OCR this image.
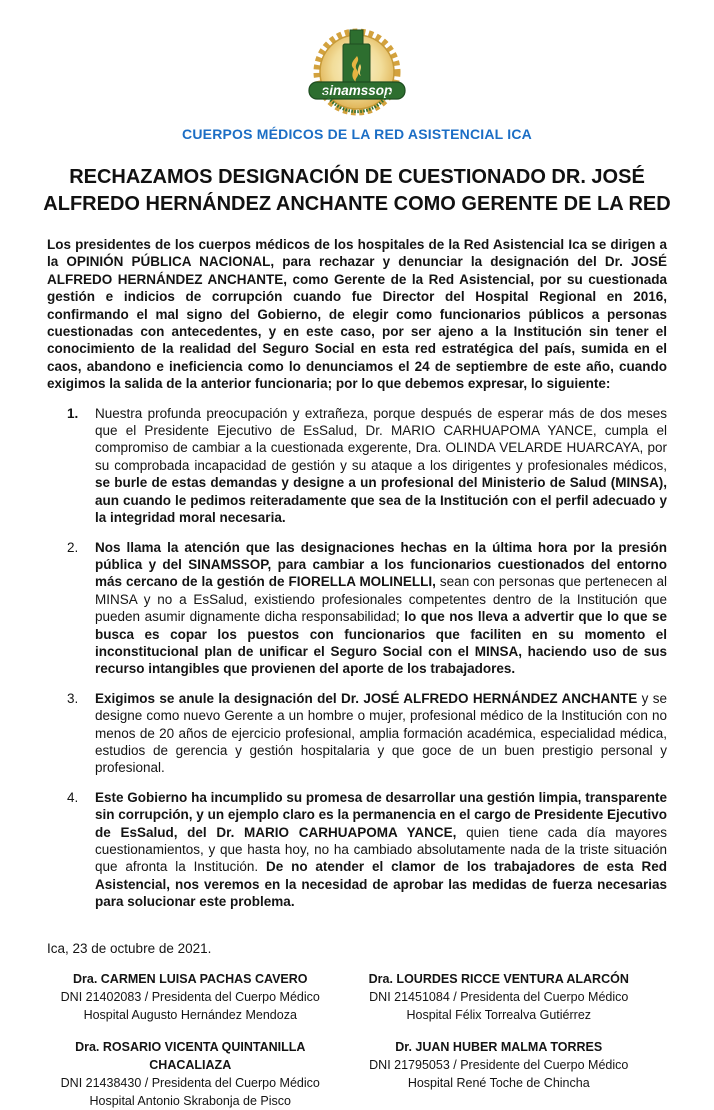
sinamssop
CUERPOS MÉDICOS DE LA RED ASISTENCIAL ICA
RECHAZAMOS DESIGNACIÓN DE CUESTIONADO DR. JOSÉ ALFREDO HERNÁNDEZ ANCHANTE COMO GERENTE DE LA RED

Los presidentes de los cuerpos médicos de los hospitales de la Red Asistencial Ica se dirigen a la OPINIÓN PÚBLICA NACIONAL, para rechazar y denunciar la designación del Dr. JOSÉ ALFREDO HERNÁNDEZ ANCHANTE, como Gerente de la Red Asistencial, por su cuestionada gestión e indicios de corrupción cuando fue Director del Hospital Regional en 2016, confirmando el mal signo del Gobierno, de elegir como funcionarios públicos a personas cuestionadas con antecedentes, y en este caso, por ser ajeno a la Institución sin tener el conocimiento de la realidad del Seguro Social en esta red estratégica del país, sumida en el caos, abandono e ineficiencia como lo denunciamos el 24 de septiembre de este año, cuando exigimos la salida de la anterior funcionaria; por lo que debemos expresar, lo siguiente:

1. Nuestra profunda preocupación y extrañeza, porque después de esperar más de dos meses que el Presidente Ejecutivo de EsSalud, Dr. MARIO CARHUAPOMA YANCE, cumpla el compromiso de cambiar a la cuestionada exgerente, Dra. OLINDA VELARDE HUARCAYA, por su comprobada incapacidad de gestión y su ataque a los dirigentes y profesionales médicos, se burle de estas demandas y designe a un profesional del Ministerio de Salud (MINSA), aun cuando le pedimos reiteradamente que sea de la Institución con el perfil adecuado y la integridad moral necesaria.

2. Nos llama la atención que las designaciones hechas en la última hora por la presión pública y del SINAMSSOP, para cambiar a los funcionarios cuestionados del entorno más cercano de la gestión de FIORELLA MOLINELLI, sean con personas que pertenecen al MINSA y no a EsSalud, existiendo profesionales competentes dentro de la Institución que pueden asumir dignamente dicha responsabilidad; lo que nos lleva a advertir que lo que se busca es copar los puestos con funcionarios que faciliten en su momento el inconstitucional plan de unificar el Seguro Social con el MINSA, haciendo uso de sus recurso intangibles que provienen del aporte de los trabajadores.

3. Exigimos se anule la designación del Dr. JOSÉ ALFREDO HERNÁNDEZ ANCHANTE y se designe como nuevo Gerente a un hombre o mujer, profesional médico de la Institución con no menos de 20 años de ejercicio profesional, amplia formación académica, especialidad médica, estudios de gerencia y gestión hospitalaria y que goce de un buen prestigio personal y profesional.

4. Este Gobierno ha incumplido su promesa de desarrollar una gestión limpia, transparente sin corrupción, y un ejemplo claro es la permanencia en el cargo de Presidente Ejecutivo de EsSalud, del Dr. MARIO CARHUAPOMA YANCE, quien tiene cada día mayores cuestionamientos, y que hasta hoy, no ha cambiado absolutamente nada de la triste situación que afronta la Institución. De no atender el clamor de los trabajadores de esta Red Asistencial, nos veremos en la necesidad de aprobar las medidas de fuerza necesarias para solucionar este problema.

Ica, 23 de octubre de 2021.
Dra. CARMEN LUISA PACHAS CAVERO
DNI 21402083 / Presidenta del Cuerpo Médico
Hospital Augusto Hernández Mendoza
Dra. LOURDES RICCE VENTURA ALARCÓN
DNI 21451084 / Presidenta del Cuerpo Médico
Hospital Félix Torrealva Gutiérrez
Dra. ROSARIO VICENTA QUINTANILLA CHACALIAZA
DNI 21438430 / Presidenta del Cuerpo Médico
Hospital Antonio Skrabonja de Pisco
Dr. JUAN HUBER MALMA TORRES
DNI 21795053 / Presidente del Cuerpo Médico
Hospital René Toche de Chincha
